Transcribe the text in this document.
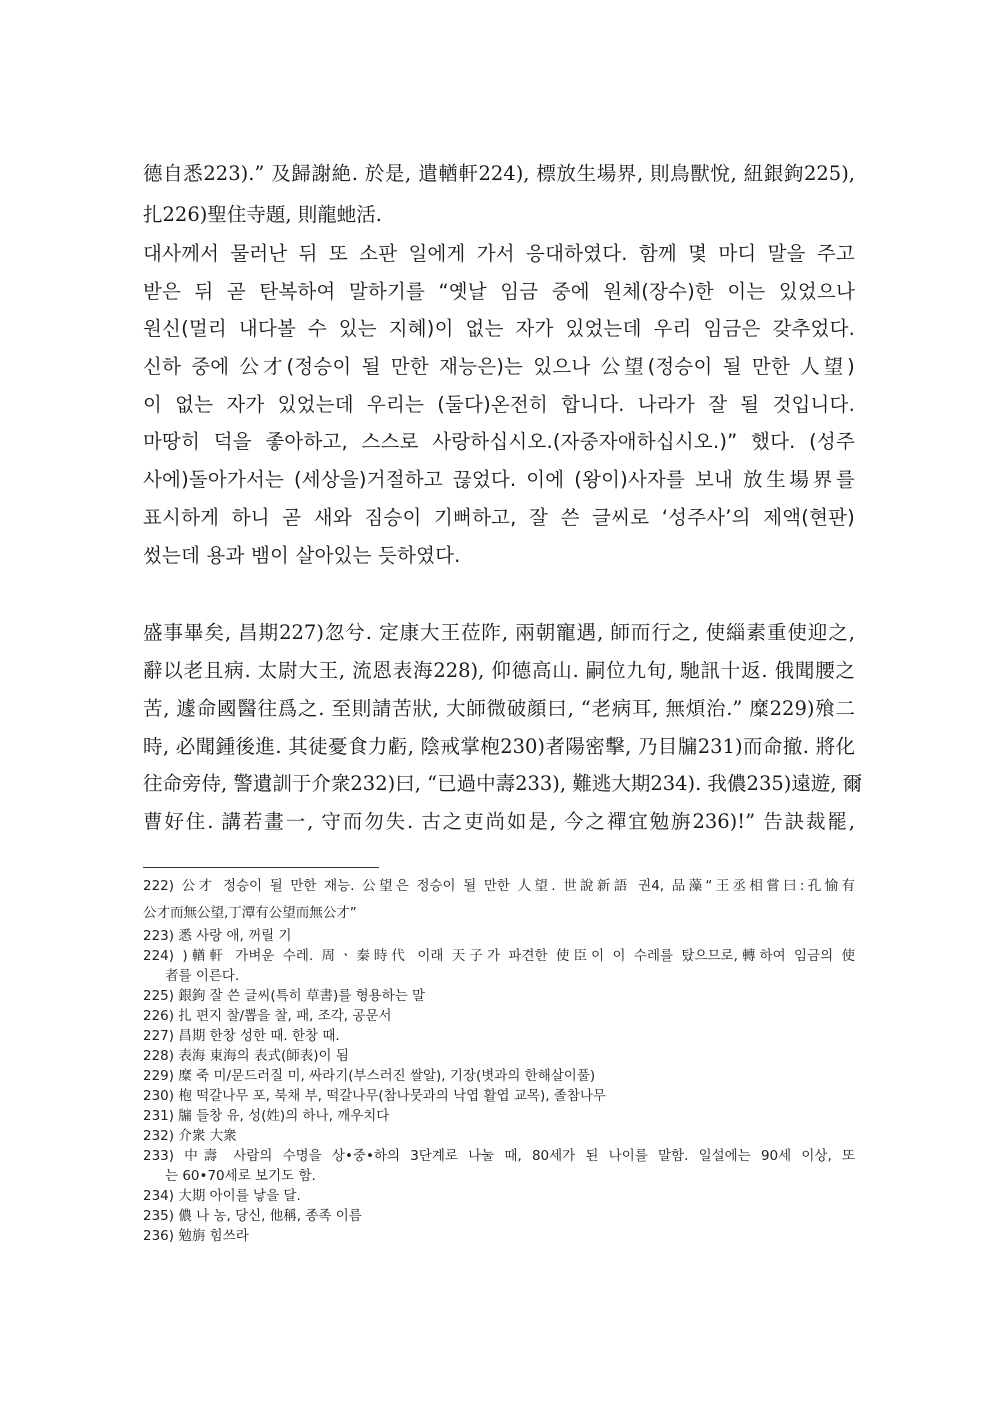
德自悉223).” 及歸謝絶. 於是, 遣輶軒224), 標放生場界, 則鳥獸悅, 紐銀鉤225),
扎226)聖住寺題, 則龍虵活.
대사께서 물러난 뒤 또 소판 일에게 가서 응대하였다. 함께 몇 마디 말을 주고
받은 뒤 곧 탄복하여 말하기를 “옛날 임금 중에 원체(장수)한 이는 있었으나
원신(멀리 내다볼 수 있는 지혜)이 없는 자가 있었는데 우리 임금은 갖추었다.
신하 중에 公才(정승이 될 만한 재능은)는 있으나 公望(정승이 될 만한 人望)
이 없는 자가 있었는데 우리는 (둘다)온전히 합니다. 나라가 잘 될 것입니다.
마땅히 덕을 좋아하고, 스스로 사랑하십시오.(자중자애하십시오.)” 했다. (성주
사에)돌아가서는 (세상을)거절하고 끊었다. 이에 (왕이)사자를 보내 放生場界를
표시하게 하니 곧 새와 짐승이 기뻐하고, 잘 쓴 글씨로 ‘성주사’의 제액(현판)
썼는데 용과 뱀이 살아있는 듯하였다.
盛事畢矣, 昌期227)忽兮. 定康大王莅阼, 兩朝寵遇, 師而行之, 使緇素重使迎之,
辭以老且病. 太尉大王, 流恩表海228), 仰德高山. 嗣位九旬, 馳訊十返. 俄聞腰之
苦, 遽命國醫往爲之. 至則請苦狀, 大師微破顔曰, “老病耳, 無煩治.” 糜229)飱二
時, 必聞鍾後進. 其徒憂食力虧, 陰戒掌枹230)者陽密擊, 乃目牖231)而命撤. 將化
往命旁侍, 警遺訓于介衆232)曰, “已過中壽233), 難逃大期234). 我儂235)遠遊, 爾
曹好住. 講若畫一, 守而勿失. 古之吏尚如是, 今之禪宜勉旃236)!” 告訣裁罷,
222) 公才 정승이 될 만한 재능. 公望은 정승이 될 만한 人望. 世說新語 권4, 品藻“王丞相嘗曰:孔愉有
公才而無公望,丁潭有公望而無公才”
223) 悉 사랑 애, 꺼릴 기
224) )輶軒 가벼운 수레. 周ㆍ秦時代 이래 天子가 파견한 使臣이 이 수레를 탔으므로,轉하여 임금의 使
者를 이른다.
225) 銀鉤 잘 쓴 글씨(특히 草書)를 형용하는 말
226) 扎 편지 찰/뽑을 찰, 패, 조각, 공문서
227) 昌期 한창 성한 때. 한창 때.
228) 表海 東海의 表式(師表)이 됨
229) 糜 죽 미/문드러질 미, 싸라기(부스러진 쌀알), 기장(볏과의 한해살이풀)
230) 枹 떡갈나무 포, 북채 부, 떡갈나무(참나뭇과의 낙엽 활엽 교목), 졸참나무
231) 牖 들창 유, 성(姓)의 하나, 깨우치다
232) 介衆 大衆
233) 中壽 사람의 수명을 상•중•하의 3단계로 나눌 때, 80세가 된 나이를 말함. 일설에는 90세 이상, 또
는 60•70세로 보기도 함.
234) 大期 아이를 낳을 달.
235) 儂 나 농, 당신, 他稱, 종족 이름
236) 勉旃 힘쓰라
